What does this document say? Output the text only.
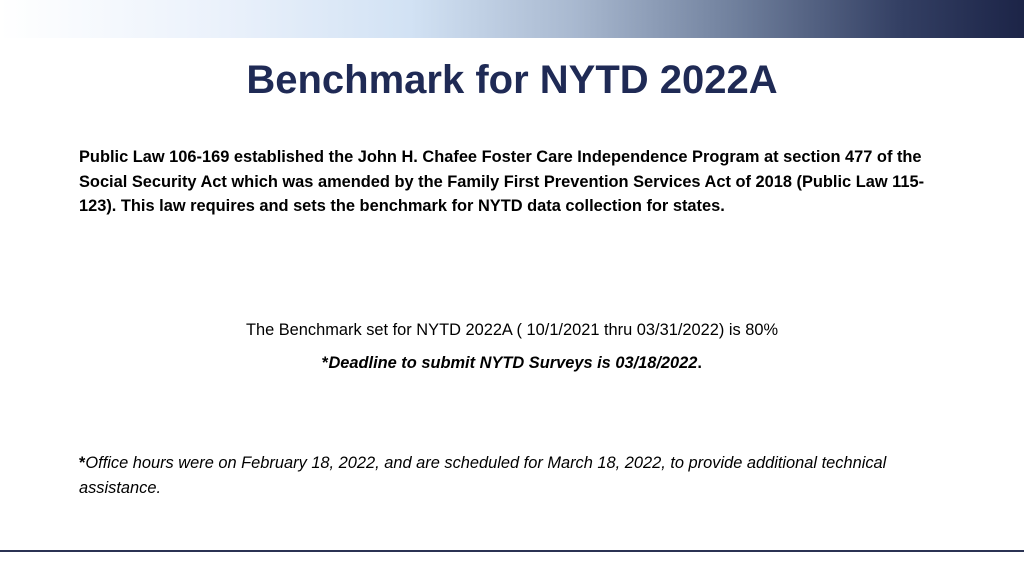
Benchmark for NYTD 2022A

Public Law 106-169 established the John H. Chafee Foster Care Independence Program at section 477 of the Social Security Act which was amended by the Family First Prevention Services Act of 2018 (Public Law 115-123). This law requires and sets the benchmark for NYTD data collection for states.

The Benchmark set for NYTD 2022A ( 10/1/2021 thru 03/31/2022) is 80%

*Deadline to submit NYTD Surveys is 03/18/2022.

*Office hours were on February 18, 2022, and are scheduled for March 18, 2022, to provide additional technical assistance.
